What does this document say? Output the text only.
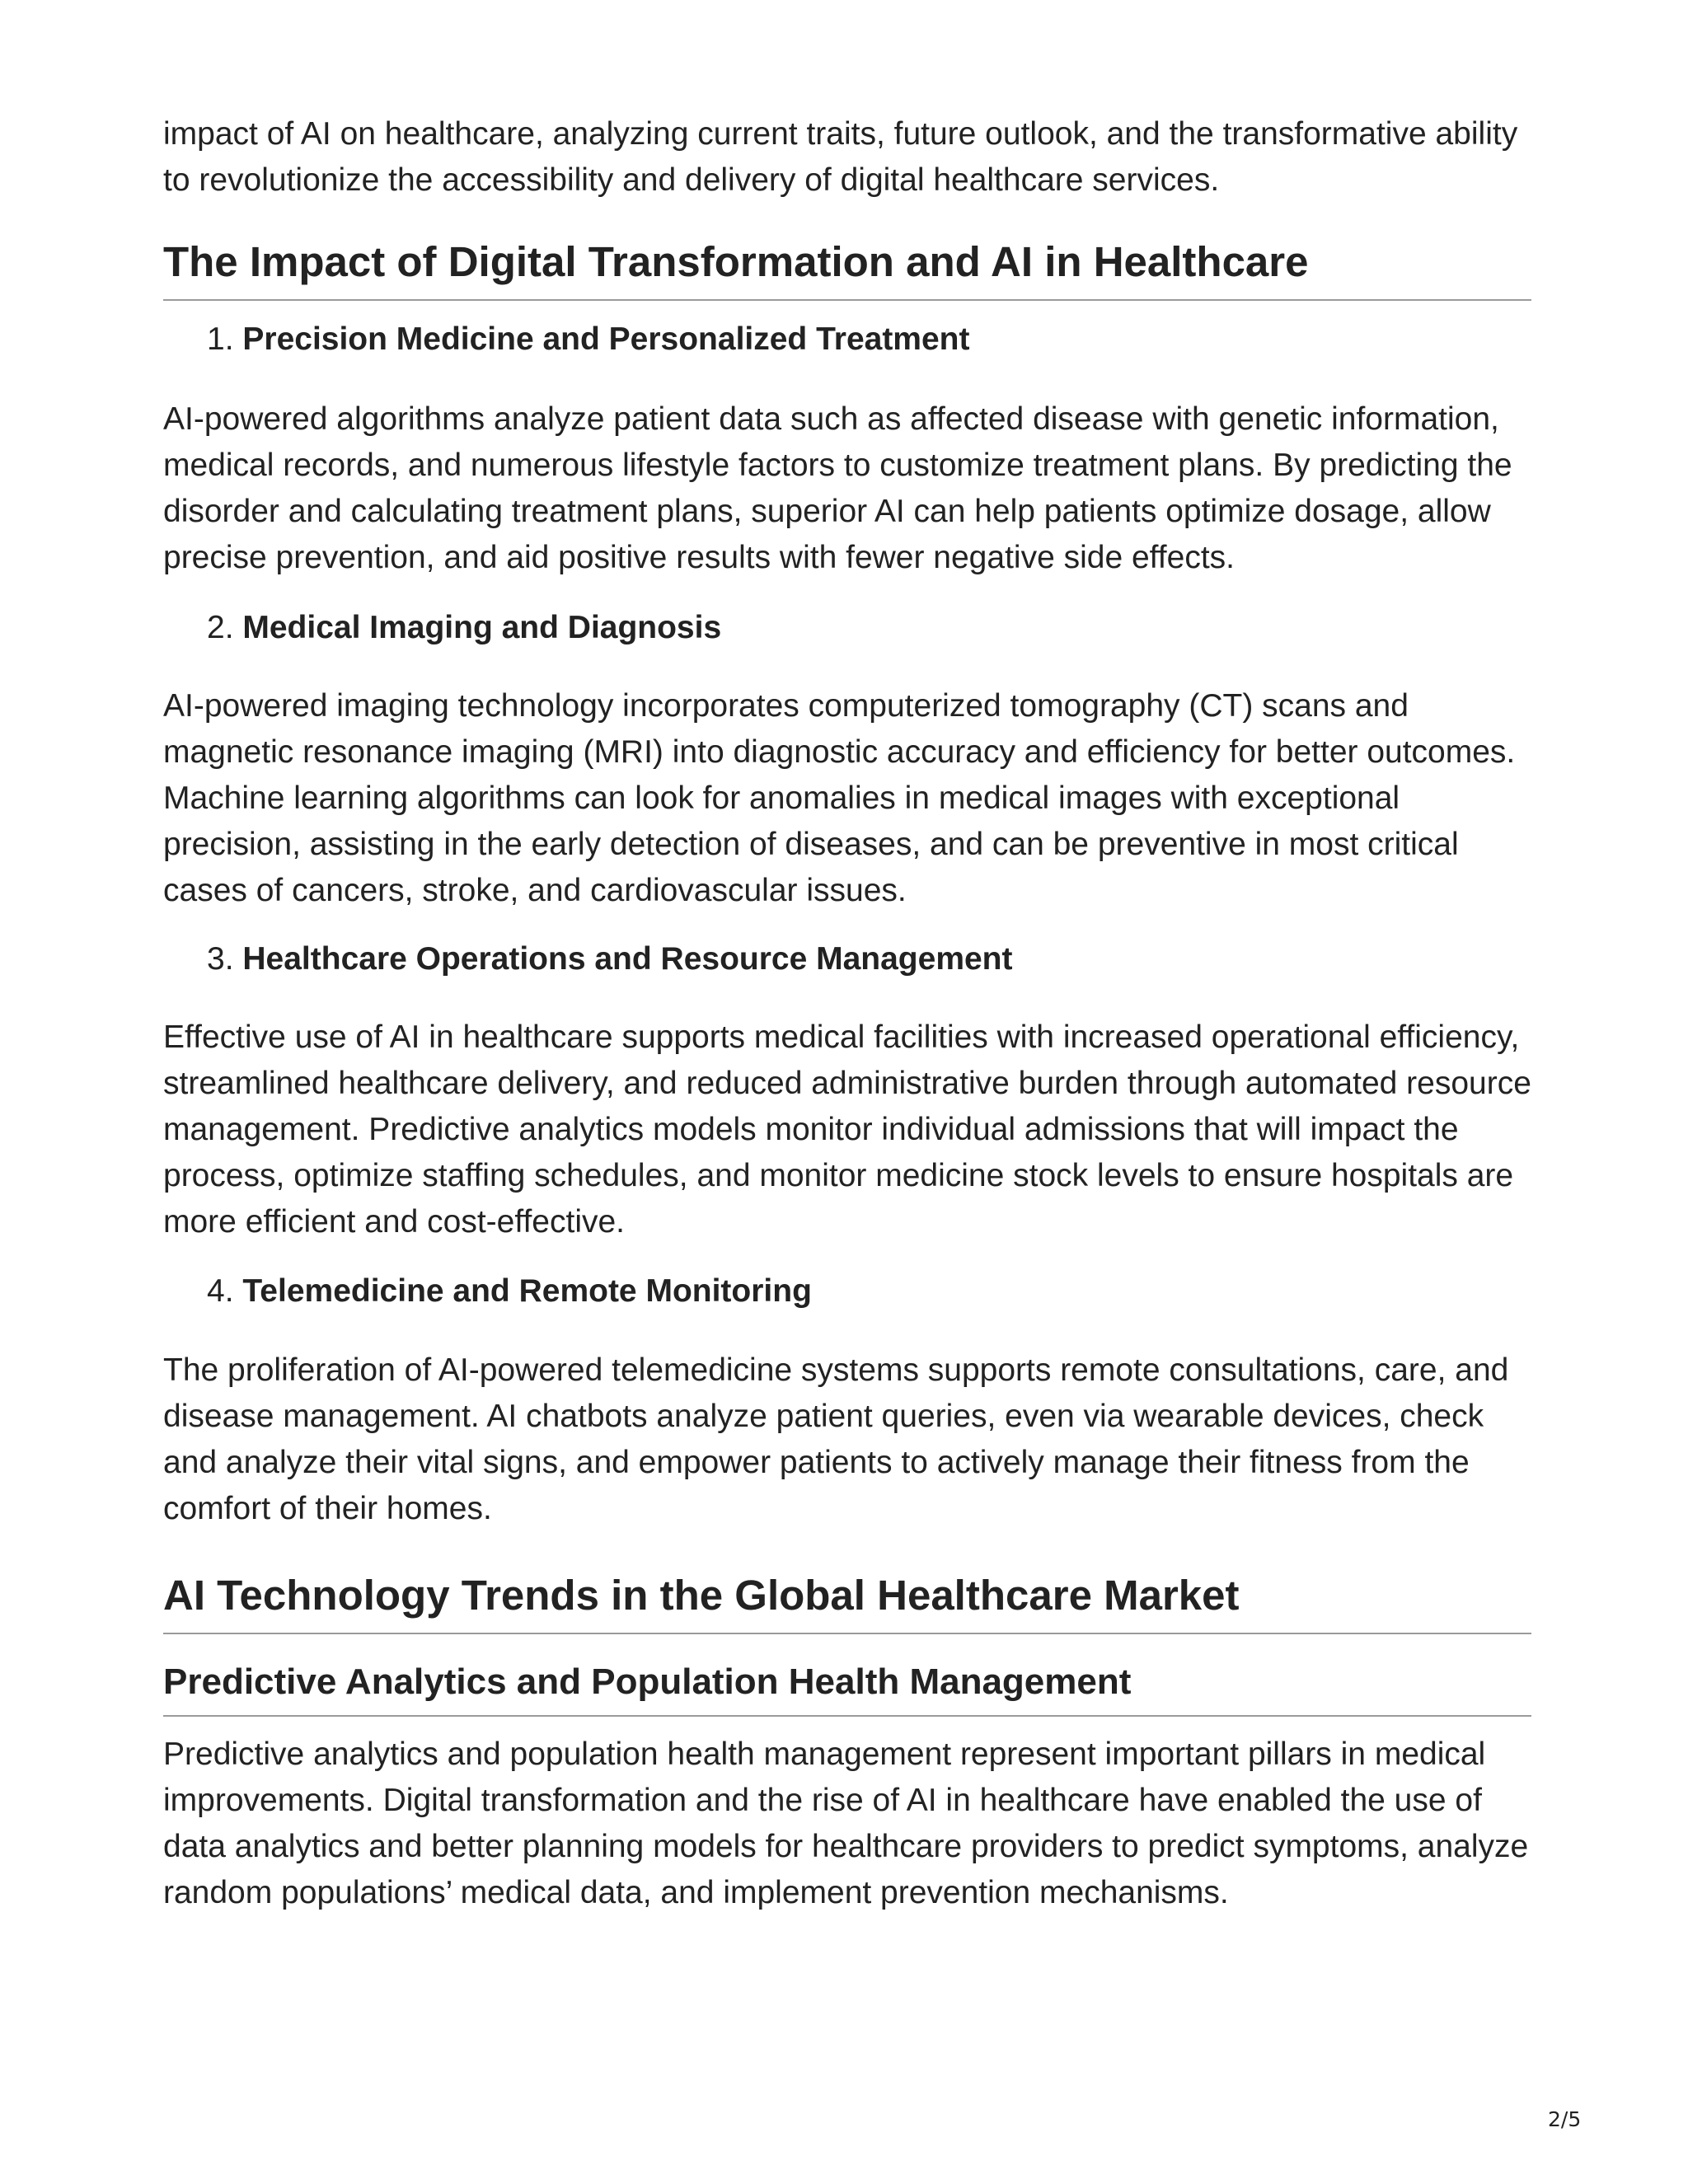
impact of AI on healthcare, analyzing current traits, future outlook, and the transformative ability to revolutionize the accessibility and delivery of digital healthcare services.

The Impact of Digital Transformation and AI in Healthcare

1. Precision Medicine and Personalized Treatment

AI-powered algorithms analyze patient data such as affected disease with genetic information, medical records, and numerous lifestyle factors to customize treatment plans. By predicting the disorder and calculating treatment plans, superior AI can help patients optimize dosage, allow precise prevention, and aid positive results with fewer negative side effects.

2. Medical Imaging and Diagnosis

AI-powered imaging technology incorporates computerized tomography (CT) scans and magnetic resonance imaging (MRI) into diagnostic accuracy and efficiency for better outcomes. Machine learning algorithms can look for anomalies in medical images with exceptional precision, assisting in the early detection of diseases, and can be preventive in most critical cases of cancers, stroke, and cardiovascular issues.

3. Healthcare Operations and Resource Management

Effective use of AI in healthcare supports medical facilities with increased operational efficiency, streamlined healthcare delivery, and reduced administrative burden through automated resource management. Predictive analytics models monitor individual admissions that will impact the process, optimize staffing schedules, and monitor medicine stock levels to ensure hospitals are more efficient and cost-effective.

4. Telemedicine and Remote Monitoring

The proliferation of AI-powered telemedicine systems supports remote consultations, care, and disease management. AI chatbots analyze patient queries, even via wearable devices, check and analyze their vital signs, and empower patients to actively manage their fitness from the comfort of their homes.

AI Technology Trends in the Global Healthcare Market
Predictive Analytics and Population Health Management

Predictive analytics and population health management represent important pillars in medical improvements. Digital transformation and the rise of AI in healthcare have enabled the use of data analytics and better planning models for healthcare providers to predict symptoms, analyze random populations’ medical data, and implement prevention mechanisms.

2/5
